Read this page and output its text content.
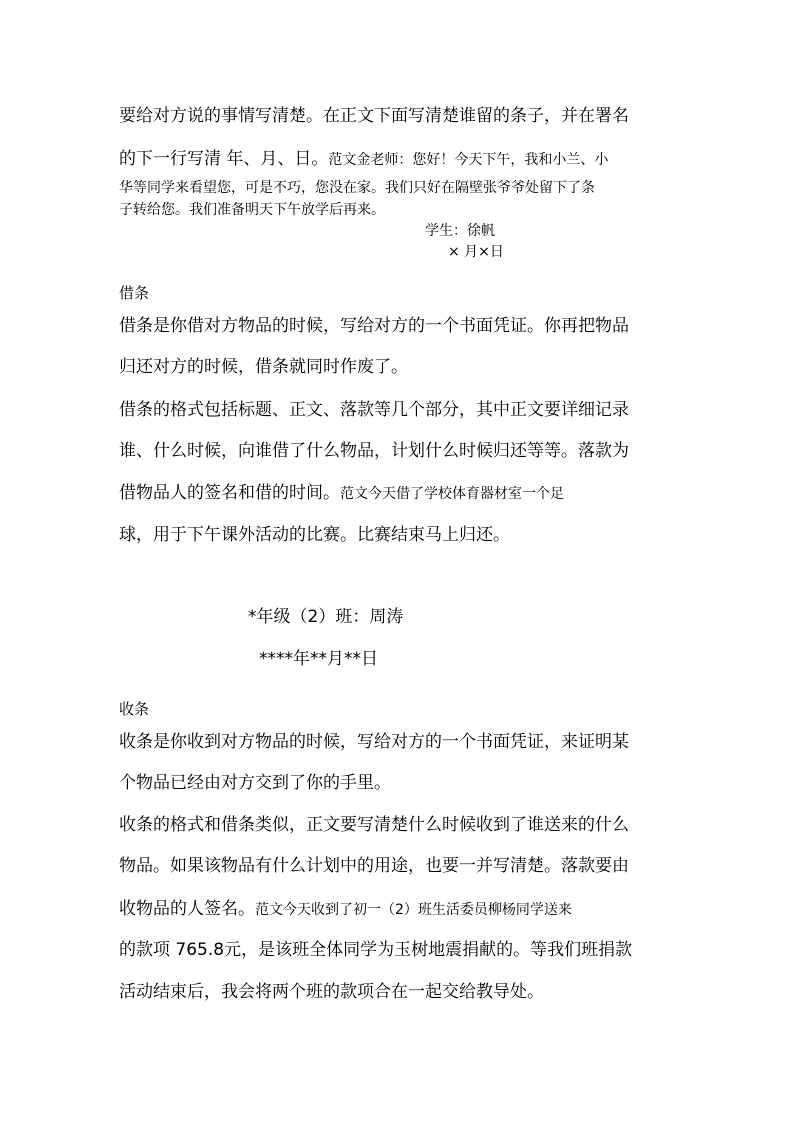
要给对方说的事情写清楚。在正文下面写清楚谁留的条子，并在署名
的下一行写清 年、月、日。范文金老师：您好！今天下午，我和小兰、小
华等同学来看望您，可是不巧，您没在家。我们只好在隔壁张爷爷处留下了条
子转给您。我们准备明天下午放学后再来。
学生：徐帆
× 月×日
借条
借条是你借对方物品的时候，写给对方的一个书面凭证。你再把物品
归还对方的时候，借条就同时作废了。
借条的格式包括标题、正文、落款等几个部分，其中正文要详细记录
谁、什么时候，向谁借了什么物品，计划什么时候归还等等。落款为
借物品人的签名和借的时间。范文今天借了学校体育器材室一个足
球，用于下午课外活动的比赛。比赛结束马上归还。
*年级（2）班：周涛
****年**月**日
收条
收条是你收到对方物品的时候，写给对方的一个书面凭证，来证明某
个物品已经由对方交到了你的手里。
收条的格式和借条类似，正文要写清楚什么时候收到了谁送来的什么
物品。如果该物品有什么计划中的用途，也要一并写清楚。落款要由
收物品的人签名。范文今天收到了初一（2）班生活委员柳杨同学送来
的款项 765.8元，是该班全体同学为玉树地震捐献的。等我们班捐款
活动结束后，我会将两个班的款项合在一起交给教导处。
